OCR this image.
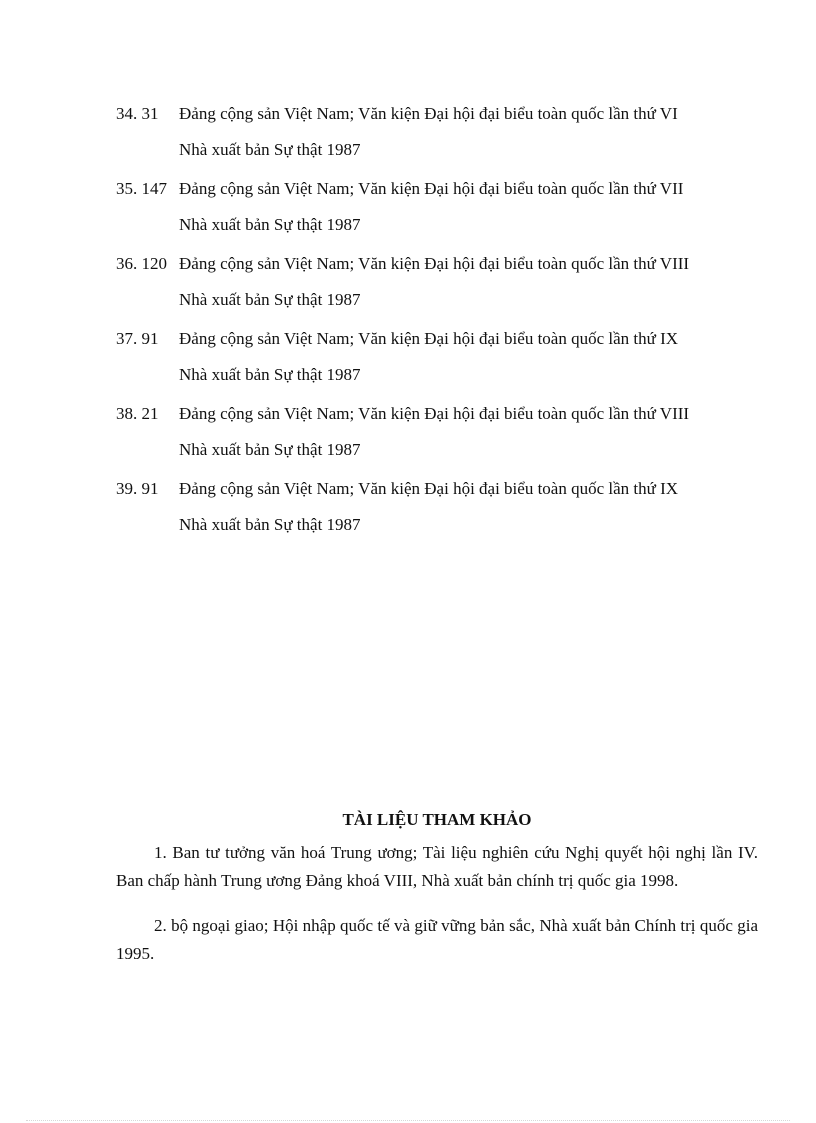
34. 31	Đảng cộng sản Việt Nam; Văn kiện Đại hội đại biểu toàn quốc lần thứ VI
Nhà xuất bản Sự thật 1987
35. 147 Đảng cộng sản Việt Nam; Văn kiện Đại hội đại biểu toàn quốc lần thứ VII
Nhà xuất bản Sự thật 1987
36. 120 Đảng cộng sản Việt Nam; Văn kiện Đại hội đại biểu toàn quốc lần thứ VIII
Nhà xuất bản Sự thật 1987
37. 91	Đảng cộng sản Việt Nam; Văn kiện Đại hội đại biểu toàn quốc lần thứ IX
Nhà xuất bản Sự thật 1987
38. 21	Đảng cộng sản Việt Nam; Văn kiện Đại hội đại biểu toàn quốc lần thứ VIII
Nhà xuất bản Sự thật 1987
39. 91	Đảng cộng sản Việt Nam; Văn kiện Đại hội đại biểu toàn quốc lần thứ IX
Nhà xuất bản Sự thật 1987
TÀI LIỆU THAM KHẢO

1. Ban tư tưởng văn hoá Trung ương; Tài liệu nghiên cứu Nghị quyết hội nghị lần IV. Ban chấp hành Trung ương Đảng khoá VIII, Nhà xuất bản chính trị quốc gia 1998.

2. bộ ngoại giao; Hội nhập quốc tế và giữ vững bản sắc, Nhà xuất bản Chính trị quốc gia 1995.
